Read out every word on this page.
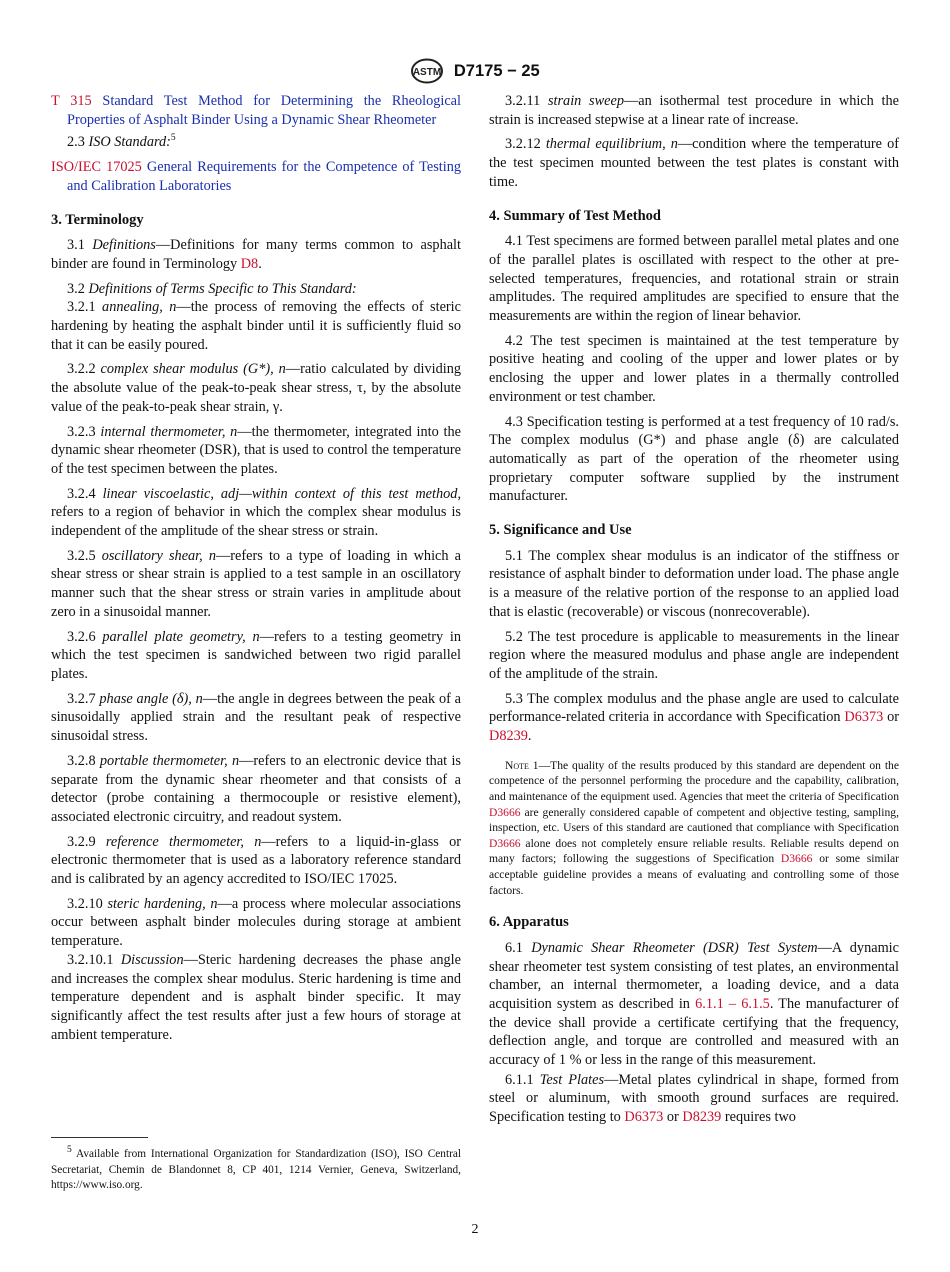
ASTM D7175 − 25

T 315 Standard Test Method for Determining the Rheological Properties of Asphalt Binder Using a Dynamic Shear Rheometer

2.3 ISO Standard:$^5$

ISO/IEC 17025 General Requirements for the Competence of Testing and Calibration Laboratories

3. Terminology

3.1 Definitions—Definitions for many terms common to asphalt binder are found in Terminology D8.

3.2 Definitions of Terms Specific to This Standard:

3.2.1 annealing, n—the process of removing the effects of steric hardening by heating the asphalt binder until it is sufficiently fluid so that it can be easily poured.

3.2.2 complex shear modulus (G*), n—ratio calculated by dividing the absolute value of the peak-to-peak shear stress, τ, by the absolute value of the peak-to-peak shear strain, γ.

3.2.3 internal thermometer, n—the thermometer, integrated into the dynamic shear rheometer (DSR), that is used to control the temperature of the test specimen between the plates.

3.2.4 linear viscoelastic, adj—within context of this test method, refers to a region of behavior in which the complex shear modulus is independent of the amplitude of the shear stress or strain.

3.2.5 oscillatory shear, n—refers to a type of loading in which a shear stress or shear strain is applied to a test sample in an oscillatory manner such that the shear stress or strain varies in amplitude about zero in a sinusoidal manner.

3.2.6 parallel plate geometry, n—refers to a testing geometry in which the test specimen is sandwiched between two rigid parallel plates.

3.2.7 phase angle (δ), n—the angle in degrees between the peak of a sinusoidally applied strain and the resultant peak of respective sinusoidal stress.

3.2.8 portable thermometer, n—refers to an electronic device that is separate from the dynamic shear rheometer and that consists of a detector (probe containing a thermocouple or resistive element), associated electronic circuitry, and readout system.

3.2.9 reference thermometer, n—refers to a liquid-in-glass or electronic thermometer that is used as a laboratory reference standard and is calibrated by an agency accredited to ISO/IEC 17025.

3.2.10 steric hardening, n—a process where molecular associations occur between asphalt binder molecules during storage at ambient temperature.

3.2.10.1 Discussion—Steric hardening decreases the phase angle and increases the complex shear modulus. Steric hardening is time and temperature dependent and is asphalt binder specific. It may significantly affect the test results after just a few hours of storage at ambient temperature.

3.2.11 strain sweep—an isothermal test procedure in which the strain is increased stepwise at a linear rate of increase.

3.2.12 thermal equilibrium, n—condition where the temperature of the test specimen mounted between the test plates is constant with time.

4. Summary of Test Method

4.1 Test specimens are formed between parallel metal plates and one of the parallel plates is oscillated with respect to the other at pre-selected temperatures, frequencies, and rotational strain or strain amplitudes. The required amplitudes are specified to ensure that the measurements are within the region of linear behavior.

4.2 The test specimen is maintained at the test temperature by positive heating and cooling of the upper and lower plates or by enclosing the upper and lower plates in a thermally controlled environment or test chamber.

4.3 Specification testing is performed at a test frequency of 10 rad/s. The complex modulus (G*) and phase angle (δ) are calculated automatically as part of the operation of the rheometer using proprietary computer software supplied by the instrument manufacturer.

5. Significance and Use

5.1 The complex shear modulus is an indicator of the stiffness or resistance of asphalt binder to deformation under load. The phase angle is a measure of the relative portion of the response to an applied load that is elastic (recoverable) or viscous (nonrecoverable).

5.2 The test procedure is applicable to measurements in the linear region where the measured modulus and phase angle are independent of the amplitude of the strain.

5.3 The complex modulus and the phase angle are used to calculate performance-related criteria in accordance with Specification D6373 or D8239.

Note 1—The quality of the results produced by this standard are dependent on the competence of the personnel performing the procedure and the capability, calibration, and maintenance of the equipment used. Agencies that meet the criteria of Specification D3666 are generally considered capable of competent and objective testing, sampling, inspection, etc. Users of this standard are cautioned that compliance with Specification D3666 alone does not completely ensure reliable results. Reliable results depend on many factors; following the suggestions of Specification D3666 or some similar acceptable guideline provides a means of evaluating and controlling some of those factors.

6. Apparatus

6.1 Dynamic Shear Rheometer (DSR) Test System—A dynamic shear rheometer test system consisting of test plates, an environmental chamber, an internal thermometer, a loading device, and a data acquisition system as described in 6.1.1 – 6.1.5. The manufacturer of the device shall provide a certificate certifying that the frequency, deflection angle, and torque are controlled and measured with an accuracy of 1 % or less in the range of this measurement.

6.1.1 Test Plates—Metal plates cylindrical in shape, formed from steel or aluminum, with smooth ground surfaces are required. Specification testing to D6373 or D8239 requires two

$^5$ Available from International Organization for Standardization (ISO), ISO Central Secretariat, Chemin de Blandonnet 8, CP 401, 1214 Vernier, Geneva, Switzerland, https://www.iso.org.
2
